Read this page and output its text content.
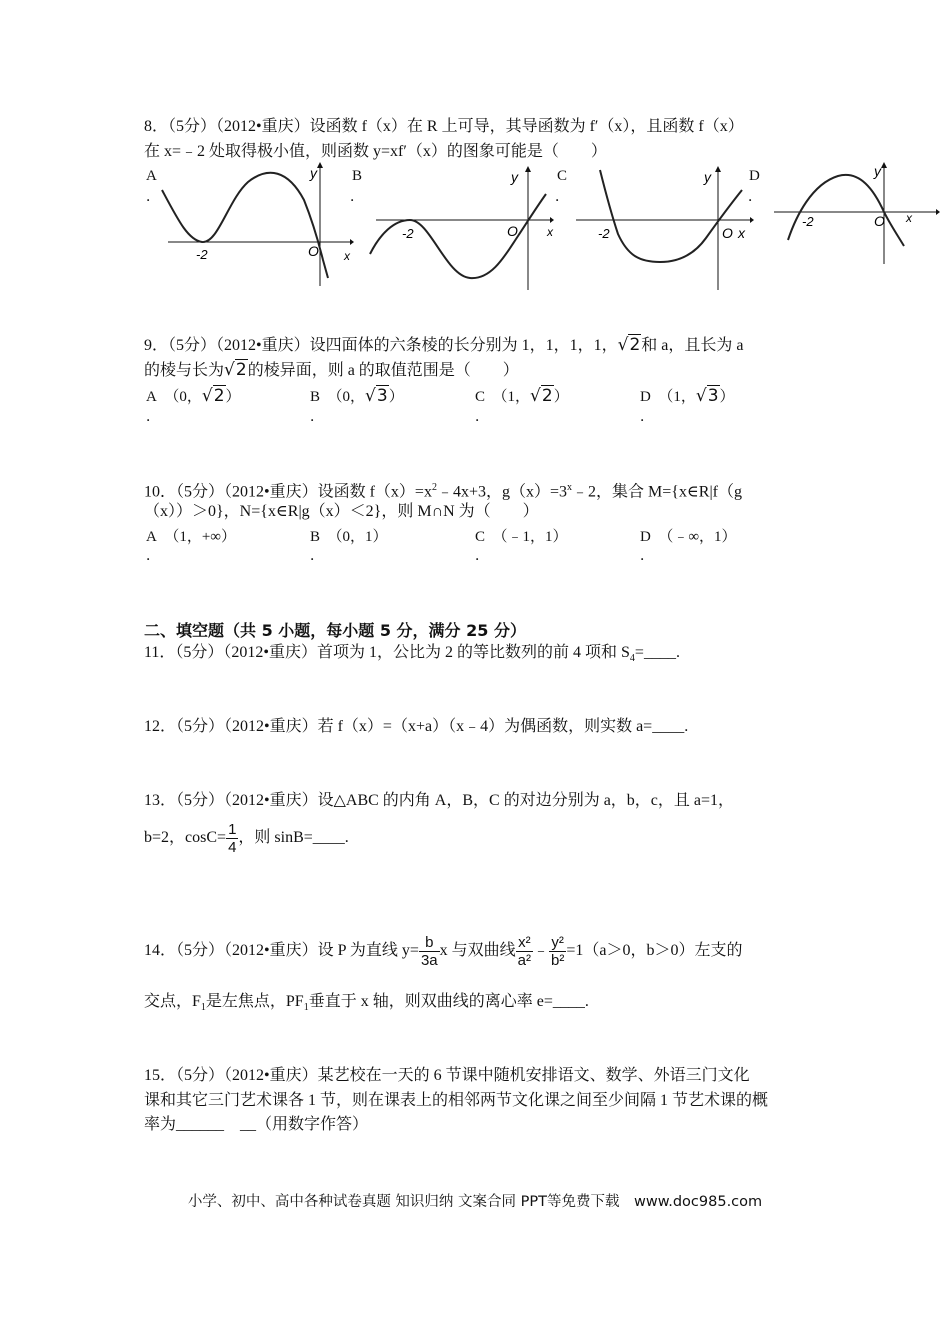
8．（5分）（2012•重庆）设函数 f（x）在 R 上可导，其导函数为 f′（x），且函数 f（x）
在 x=﹣2 处取得极小值，则函数 y=xf′（x）的图象可能是（　　）
A
．
B
．
C
．
D
．
-2	O
y
x
-2	O
y
x	-2	O
y
x
-2	O
y
x
9．（5分）（2012•重庆）设四面体的六条棱的长分别为 1，1，1，1，√2和 a，且长为 a
的棱与长为√2的棱异面，则 a 的取值范围是（　　）
A （0，√2）	B （0，√3）	C （1，√2）	D （1，√3）
．	．	．	．
10．（5分）（2012•重庆）设函数 $f(x)=x^2﹣4x+3$，$g(x)=3^x﹣2$，集合 M={x∈R|f（g
（x））＞0}，N={x∈R|g（x）＜2}，则 M∩N 为（　　）
A （1，+∞）	B （0，1）	C （﹣1，1）	D （﹣∞，1）
．	．	．	．
二、填空题（共 5 小题，每小题 5 分，满分 25 分）
11．（5分）（2012•重庆）首项为 1，公比为 2 的等比数列的前 4 项和 $S_4=\_\_\_\_$.
12．（5分）（2012•重庆）若 f（x）=（x+a）（x﹣4）为偶函数，则实数 a=____.
13．（5分）（2012•重庆）设△ABC 的内角 A，B，C 的对边分别为 a，b，c，且 a=1，
b=2，$\cos C= \frac{1}{4}$ ，则 sinB=____.
14．（5分）（2012•重庆）设 P 为直线 $y= \frac{b}{3a}$ x 与双曲线 $\frac{\text{x²}}{\text{a²}}$ ﹣ $\frac{\text{y²}}{\text{b²}} =1(a>0$，b＞0）左支的
交点，$F_1$是左焦点，$PF_1$垂直于 x 轴，则双曲线的离心率 e=____.
15．（5分）（2012•重庆）某艺校在一天的 6 节课中随机安排语文、数学、外语三门文化
课和其它三门艺术课各 1 节，则在课表上的相邻两节文化课之间至少间隔 1 节艺术课的概
率为______　__（用数字作答）
小学、初中、高中各种试卷真题 知识归纳 文案合同 PPT等免费下载　www.doc985.com
